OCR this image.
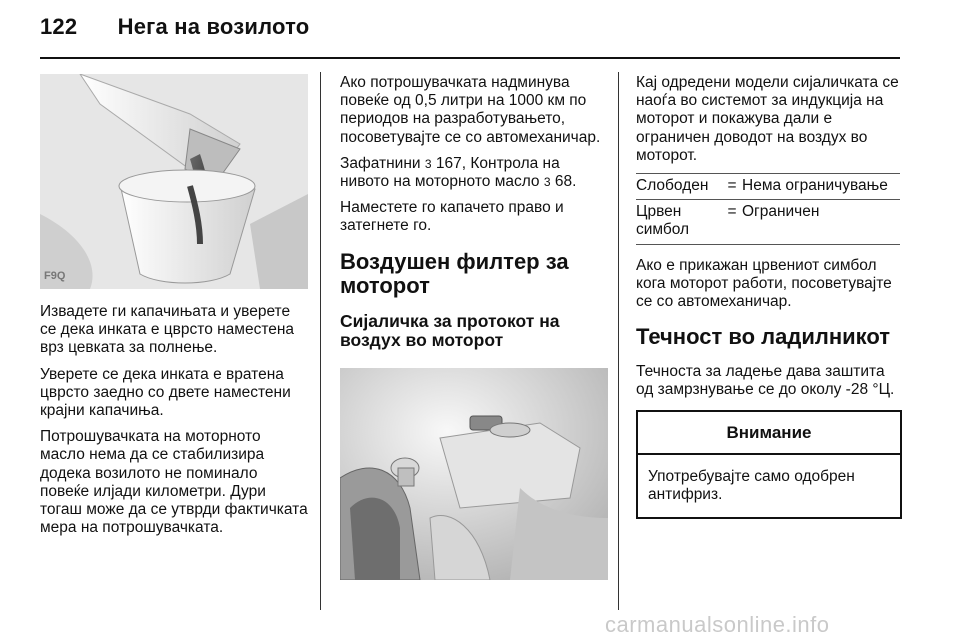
122 Нега на возилото
F9Q

Извадете ги капачињата и уверете се дека инката е цврсто наместена врз цевката за полнење.

Уверете се дека инката е вратена цврсто заедно со двете наместени крајни капачиња.

Потрошувачката на моторното масло нема да се стабилизира додека возилото не поминало повеќе илјади километри. Дури тогаш може да се утврди фактичката мера на потрошувачката.

Ако потрошувачката надминува повеќе од 0,5 литри на 1000 км по периодов на разработувањето, посоветувајте се со автомеханичар.

Зафатнини 3 167, Контрола на нивото на моторното масло 3 68.

Наместете го капачето право и затегнете го.

Воздушен филтер за моторот
Сијаличка за протокот на воздух во моторот

Кај одредени модели сијаличката се наоѓа во системот за индукција на моторот и покажува дали е ограничен доводот на воздух во моторот.

Слободен	= Нема ограничување
Црвен симбол
= Ограничен

Ако е прикажан црвениот симбол кога моторот работи, посоветувајте се со автомеханичар.

Течност во ладилникот

Течноста за ладење дава заштита од замрзнување се до околу -28 °Ц.

Внимание
Употребувајте само одобрен антифриз.
carmanualsonline.info
